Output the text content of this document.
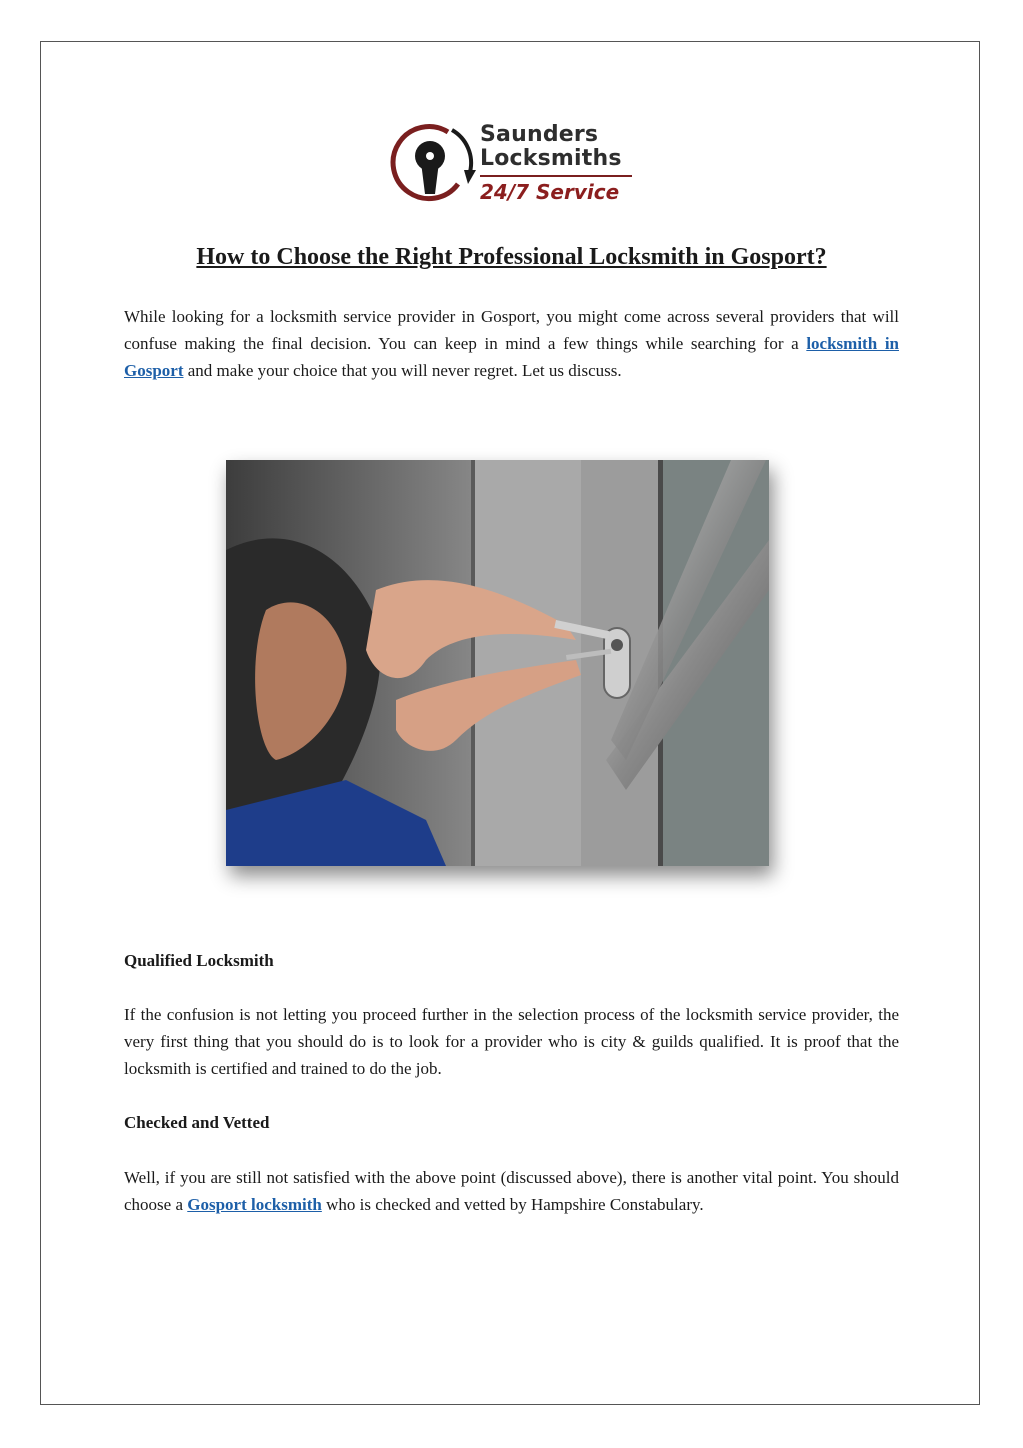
Saunders
Locksmiths
24/7 Service
How to Choose the Right Professional Locksmith in Gosport?

While looking for a locksmith service provider in Gosport, you might come across several providers that will confuse making the final decision. You can keep in mind a few things while searching for a locksmith in Gosport and make your choice that you will never regret. Let us discuss.

Qualified Locksmith

If the confusion is not letting you proceed further in the selection process of the locksmith service provider, the very first thing that you should do is to look for a provider who is city & guilds qualified. It is proof that the locksmith is certified and trained to do the job.

Checked and Vetted

Well, if you are still not satisfied with the above point (discussed above), there is another vital point. You should choose a Gosport locksmith who is checked and vetted by Hampshire Constabulary.
